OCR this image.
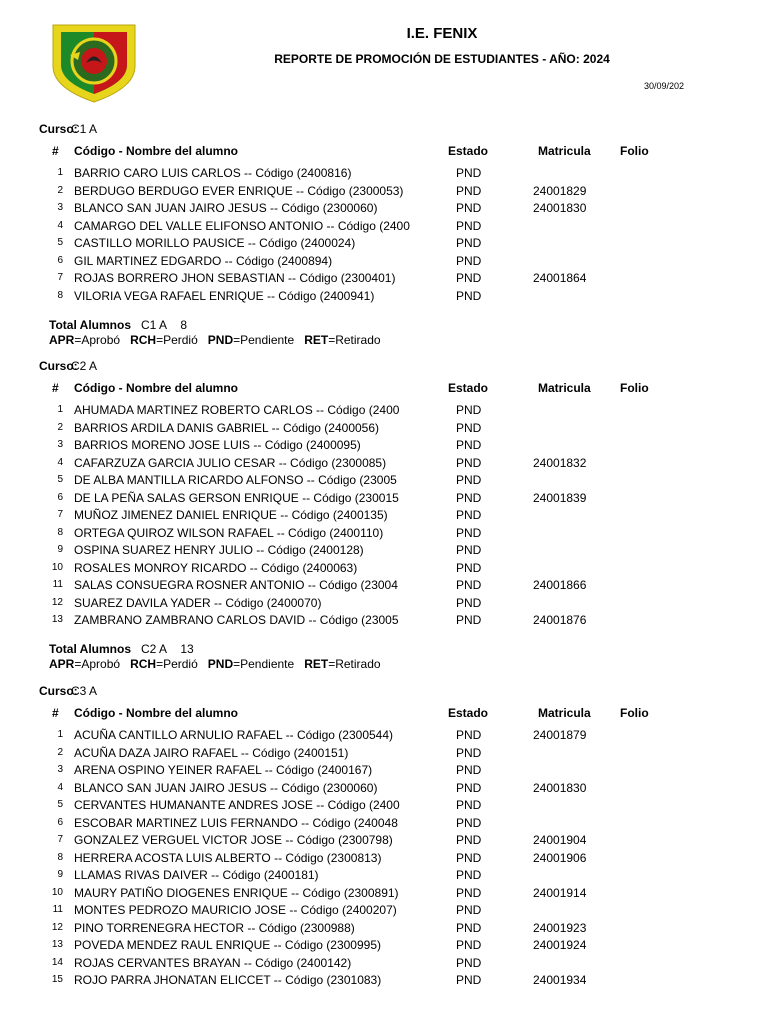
I.E. FENIX
REPORTE DE PROMOCIÓN DE ESTUDIANTES - AÑO: 2024
30/09/202
Curso:
C1 A
# Código - Nombre del alumno	Estado	Matricula Folio
1 BARRIO CARO LUIS CARLOS -- Código (2400816)	PND
2 BERDUGO BERDUGO EVER ENRIQUE -- Código (2300053)	PND	24001829
3 BLANCO SAN JUAN JAIRO JESUS -- Código (2300060)	PND	24001830
4 CAMARGO DEL VALLE ELIFONSO ANTONIO -- Código (2400	PND
5 CASTILLO MORILLO PAUSICE -- Código (2400024)	PND
6 GIL MARTINEZ EDGARDO -- Código (2400894)	PND
7 ROJAS BORRERO JHON SEBASTIAN -- Código (2300401)	PND	24001864
8 VILORIA VEGA RAFAEL ENRIQUE -- Código (2400941)	PND
Total Alumnos C1 A 8
APR=Aprobó RCH=Perdió PND=Pendiente RET=Retirado
Curso:
C2 A
# Código - Nombre del alumno	Estado	Matricula Folio
1 AHUMADA MARTINEZ ROBERTO CARLOS -- Código (2400	PND
2 BARRIOS ARDILA DANIS GABRIEL -- Código (2400056)	PND
3 BARRIOS MORENO JOSE LUIS -- Código (2400095)	PND
4 CAFARZUZA GARCIA JULIO CESAR -- Código (2300085)	PND	24001832
5 DE ALBA MANTILLA RICARDO ALFONSO -- Código (23005	PND
6 DE LA PEÑA SALAS GERSON ENRIQUE -- Código (230015	PND	24001839
7 MUÑOZ JIMENEZ DANIEL ENRIQUE -- Código (2400135)	PND
8 ORTEGA QUIROZ WILSON RAFAEL -- Código (2400110)	PND
9 OSPINA SUAREZ HENRY JULIO -- Código (2400128)	PND
10 ROSALES MONROY RICARDO -- Código (2400063)	PND
11 SALAS CONSUEGRA ROSNER ANTONIO -- Código (23004	PND	24001866
12 SUAREZ DAVILA YADER -- Código (2400070)	PND
13 ZAMBRANO ZAMBRANO CARLOS DAVID -- Código (23005	PND	24001876
Total Alumnos C2 A 13
APR=Aprobó RCH=Perdió PND=Pendiente RET=Retirado
Curso:
C3 A
# Código - Nombre del alumno	Estado	Matricula Folio
1 ACUÑA CANTILLO ARNULIO RAFAEL -- Código (2300544)	PND	24001879
2 ACUÑA DAZA JAIRO RAFAEL -- Código (2400151)	PND
3 ARENA OSPINO YEINER RAFAEL -- Código (2400167)	PND
4 BLANCO SAN JUAN JAIRO JESUS -- Código (2300060)	PND	24001830
5 CERVANTES HUMANANTE ANDRES JOSE -- Código (2400	PND
6 ESCOBAR MARTINEZ LUIS FERNANDO -- Código (240048	PND
7 GONZALEZ VERGUEL VICTOR JOSE -- Código (2300798)	PND	24001904
8 HERRERA ACOSTA LUIS ALBERTO -- Código (2300813)	PND	24001906
9 LLAMAS RIVAS DAIVER -- Código (2400181)	PND
10 MAURY PATIÑO DIOGENES ENRIQUE -- Código (2300891)	PND	24001914
11 MONTES PEDROZO MAURICIO JOSE -- Código (2400207)	PND
12 PINO TORRENEGRA HECTOR -- Código (2300988)	PND	24001923
13 POVEDA MENDEZ RAUL ENRIQUE -- Código (2300995)	PND	24001924
14 ROJAS CERVANTES BRAYAN -- Código (2400142)	PND
15 ROJO PARRA JHONATAN ELICCET -- Código (2301083)	PND	24001934
